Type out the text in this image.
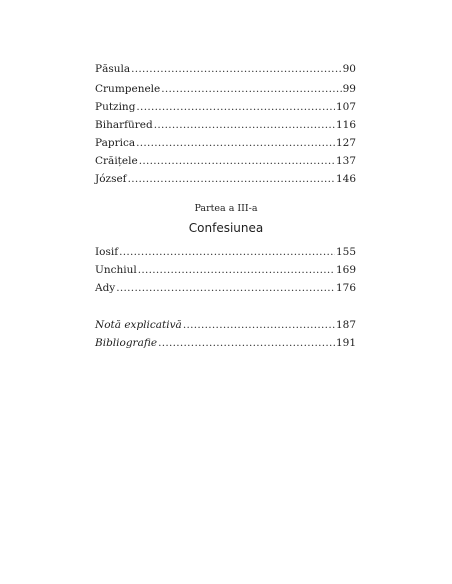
Păsula .....	90
Crumpenele .....	99
Putzing .....	107
Biharfüred .....	116
Paprica .....	127
Crăițele .....	137
József .....	146
Partea a III-a
Confesiunea
Iosif .....	155
Unchiul .....	169
Ady .....	176
Notă explicativă .....	187
Bibliografie .....	191
